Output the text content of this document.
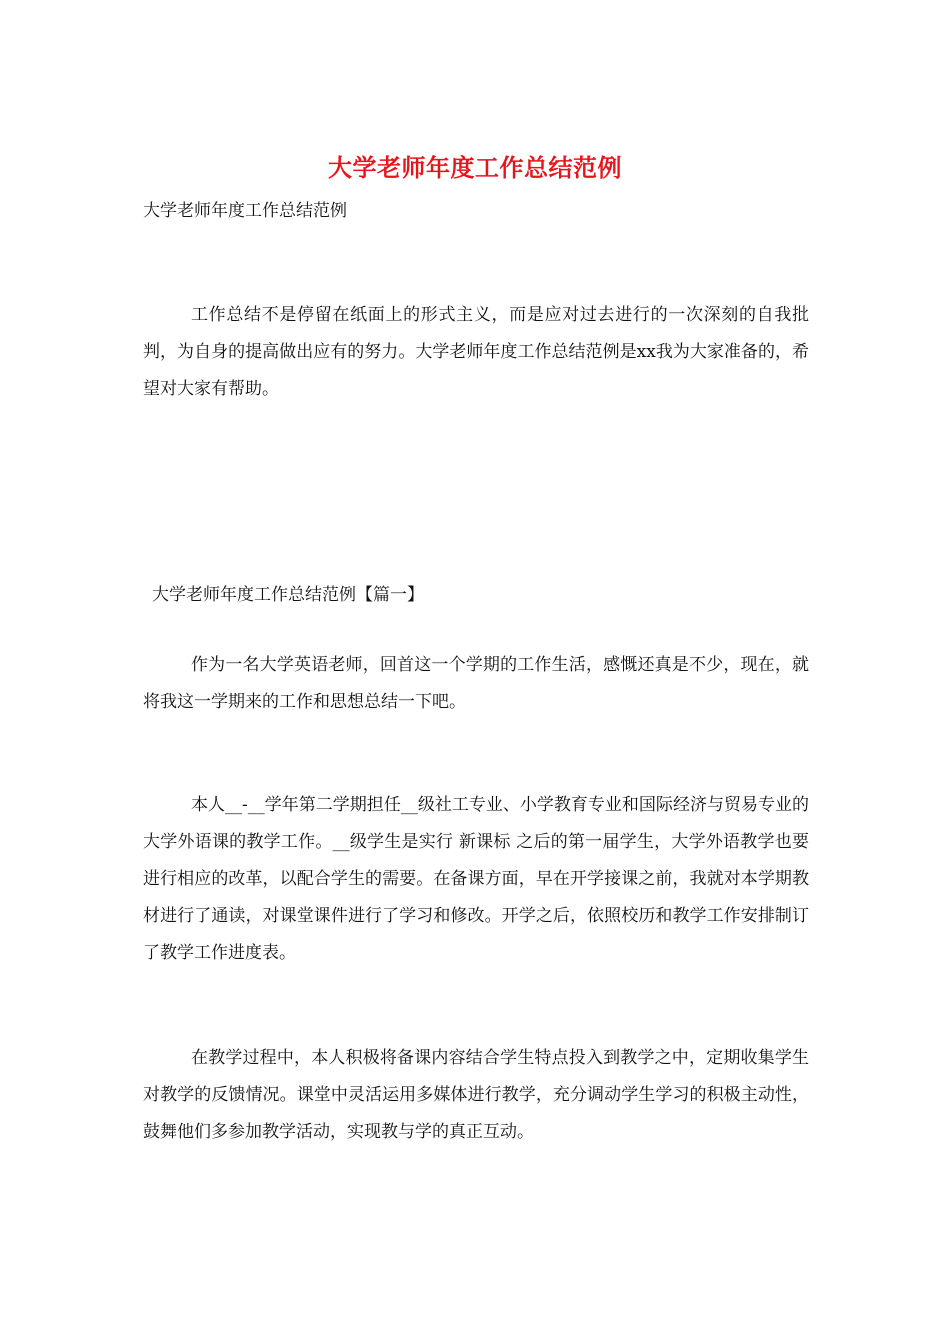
大学老师年度工作总结范例

大学老师年度工作总结范例

工作总结不是停留在纸面上的形式主义，而是应对过去进行的一次深刻的自我批判，为自身的提高做出应有的努力。大学老师年度工作总结范例是xx我为大家准备的，希望对大家有帮助。

大学老师年度工作总结范例【篇一】

作为一名大学英语老师，回首这一个学期的工作生活，感慨还真是不少，现在，就将我这一学期来的工作和思想总结一下吧。

本人__-__学年第二学期担任__级社工专业、小学教育专业和国际经济与贸易专业的大学外语课的教学工作。__级学生是实行 新课标 之后的第一届学生，大学外语教学也要进行相应的改革，以配合学生的需要。在备课方面，早在开学接课之前，我就对本学期教材进行了通读，对课堂课件进行了学习和修改。开学之后，依照校历和教学工作安排制订了教学工作进度表。

在教学过程中，本人积极将备课内容结合学生特点投入到教学之中，定期收集学生对教学的反馈情况。课堂中灵活运用多媒体进行教学，充分调动学生学习的积极主动性，鼓舞他们多参加教学活动，实现教与学的真正互动。
